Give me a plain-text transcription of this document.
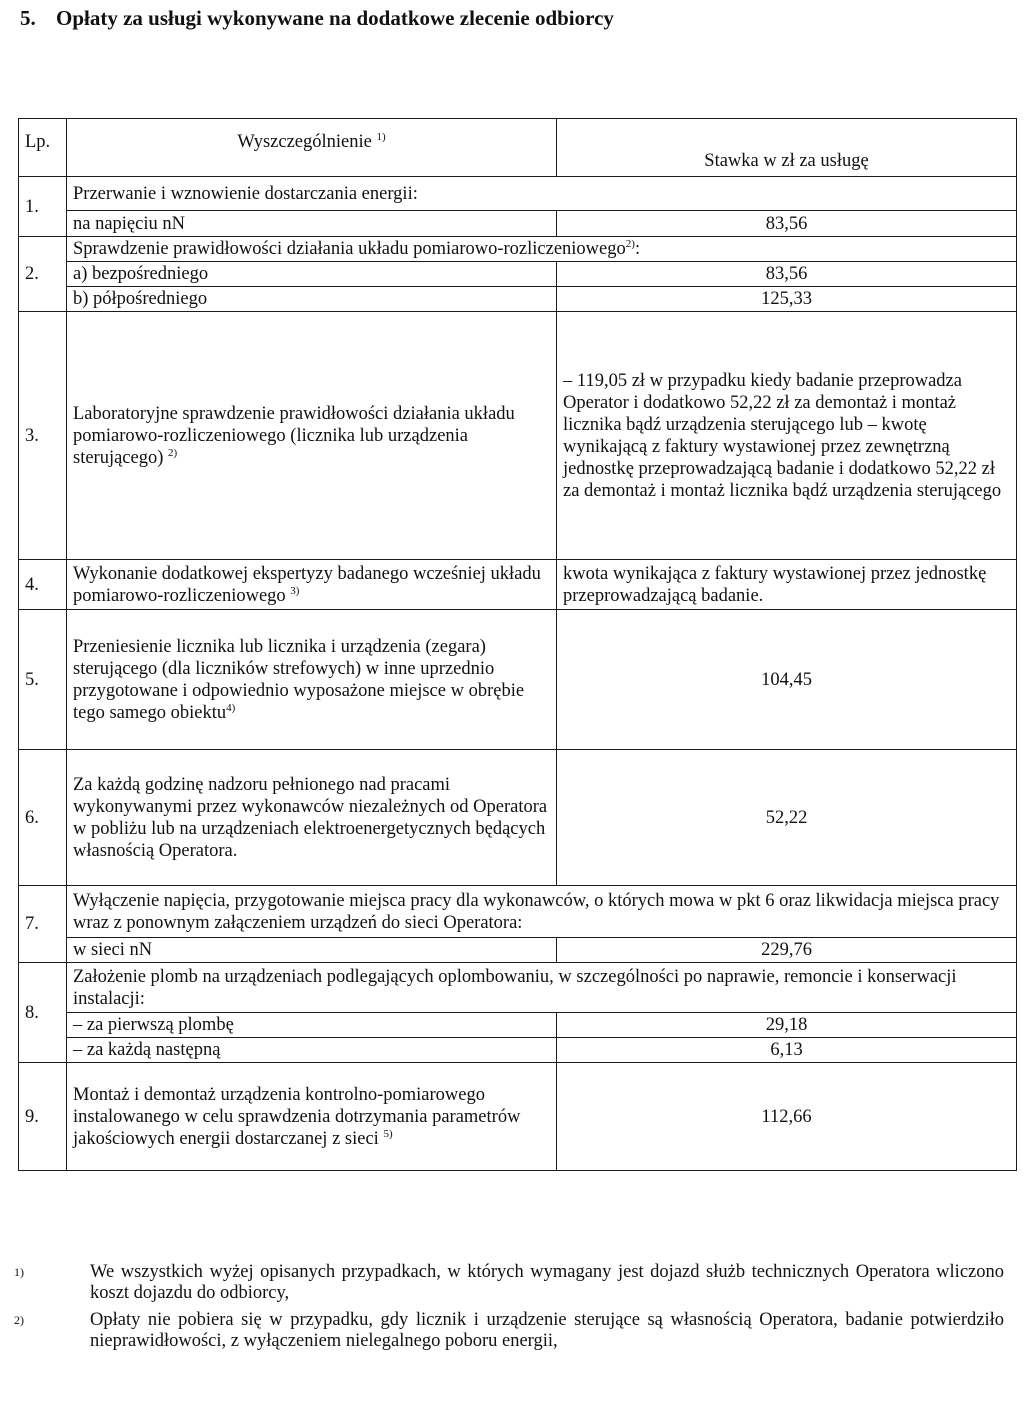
5. Opłaty za usługi wykonywane na dodatkowe zlecenie odbiorcy
Lp.	Wyszczególnienie $^{1)}$	Stawka w zł za usługę
1.	Przerwanie i wznowienie dostarczania energii:	
	na napięciu nN	83,56
2.	Sprawdzenie prawidłowości działania układu pomiarowo-rozliczeniowego$^{2)}$:	
	a) bezpośredniego	83,56
	b) półpośredniego	125,33
3.	Laboratoryjne sprawdzenie prawidłowości działania układu pomiarowo-rozliczeniowego (licznika lub urządzenia sterującego) $^{2)}$	– 119,05 zł w przypadku kiedy badanie przeprowadza Operator i dodatkowo 52,22 zł za demontaż i montaż licznika bądź urządzenia sterującego lub – kwotę wynikającą z faktury wystawionej przez zewnętrzną jednostkę przeprowadzającą badanie i dodatkowo 52,22 zł za demontaż i montaż licznika bądź urządzenia sterującego
4.	Wykonanie dodatkowej ekspertyzy badanego wcześniej układu pomiarowo-rozliczeniowego $^{3)}$	kwota wynikająca z faktury wystawionej przez jednostkę przeprowadzającą badanie.
5.	Przeniesienie licznika lub licznika i urządzenia (zegara) sterującego (dla liczników strefowych) w inne uprzednio przygotowane i odpowiednio wyposażone miejsce w obrębie tego samego obiektu$^{4)}$	104,45
6.	Za każdą godzinę nadzoru pełnionego nad pracami wykonywanymi przez wykonawców niezależnych od Operatora w pobliżu lub na urządzeniach elektroenergetycznych będących własnością Operatora.	52,22
7.	Wyłączenie napięcia, przygotowanie miejsca pracy dla wykonawców, o których mowa w pkt 6 oraz likwidacja miejsca pracy wraz z ponownym załączeniem urządzeń do sieci Operatora:	
	w sieci nN	229,76
8.	Założenie plomb na urządzeniach podlegających oplombowaniu, w szczególności po naprawie, remoncie i konserwacji instalacji:	
	– za pierwszą plombę	29,18
	– za każdą następną	6,13
9.	Montaż i demontaż urządzenia kontrolno-pomiarowego instalowanego w celu sprawdzenia dotrzymania parametrów jakościowych energii dostarczanej z sieci $^{5)}$	112,66
1)	We wszystkich wyżej opisanych przypadkach, w których wymagany jest dojazd służb technicznych Operatora wliczono koszt dojazdu do odbiorcy,
2)	Opłaty nie pobiera się w przypadku, gdy licznik i urządzenie sterujące są własnością Operatora, badanie potwierdziło nieprawidłowości, z wyłączeniem nielegalnego poboru energii,
